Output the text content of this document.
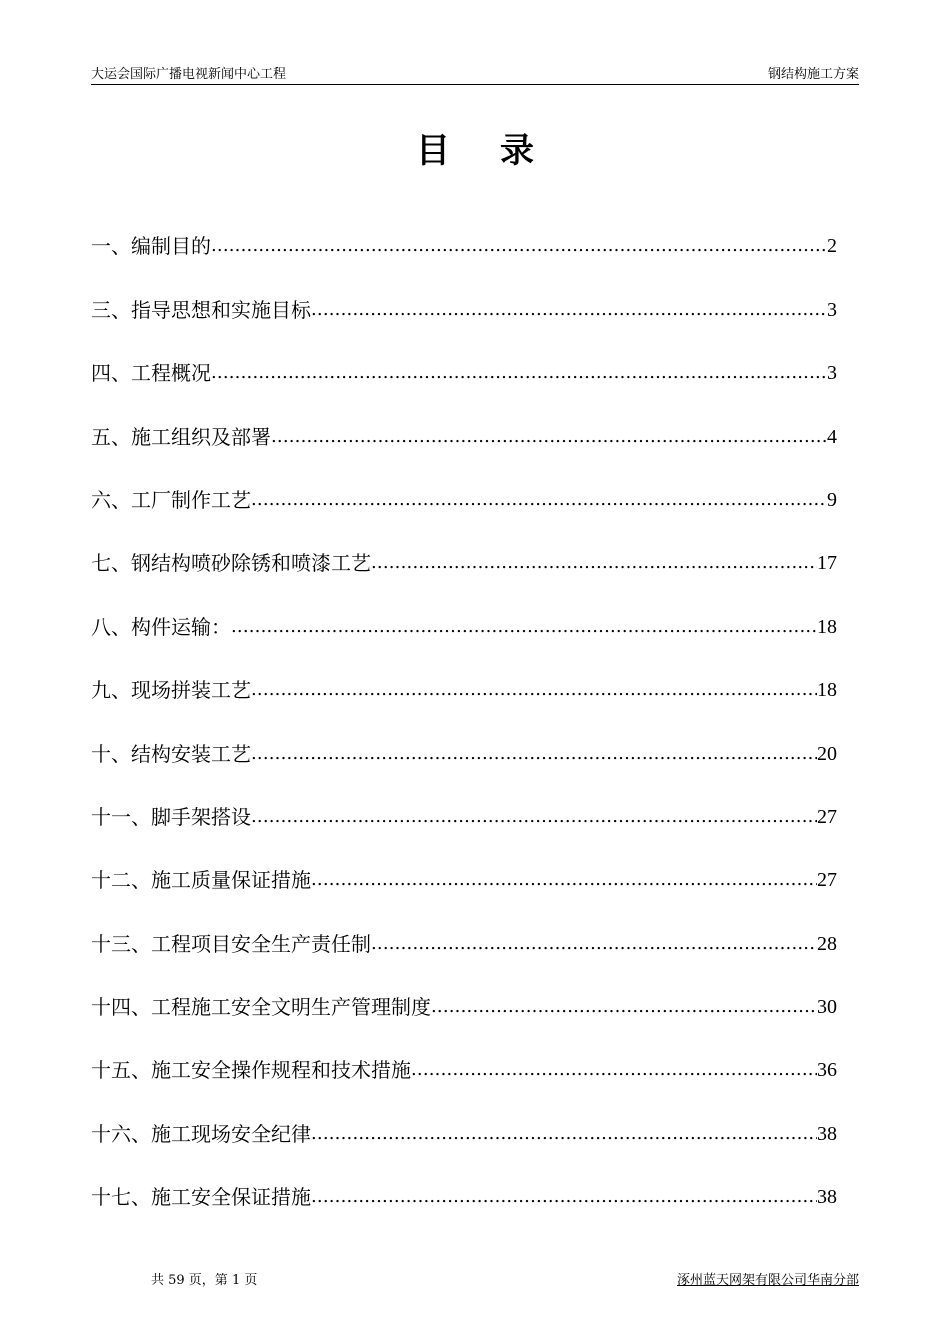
大运会国际广播电视新闻中心工程	钢结构施工方案
目录
一、编制目的 .....	2
三、指导思想和实施目标 .....	3
四、工程概况 .....	3
五、施工组织及部署 .....	4
六、工厂制作工艺 .....	9
七、钢结构喷砂除锈和喷漆工艺 .....	17
八、构件运输： .....	18
九、现场拼装工艺 .....	18
十、结构安装工艺 .....	20
十一、脚手架搭设 .....	27
十二、施工质量保证措施 .....	27
十三、工程项目安全生产责任制 .....	28
十四、工程施工安全文明生产管理制度 .....	30
十五、施工安全操作规程和技术措施 .....	36
十六、施工现场安全纪律 .....	38
十七、施工安全保证措施 .....	38
共 59 页，第 1 页	涿州蓝天网架有限公司华南分部
